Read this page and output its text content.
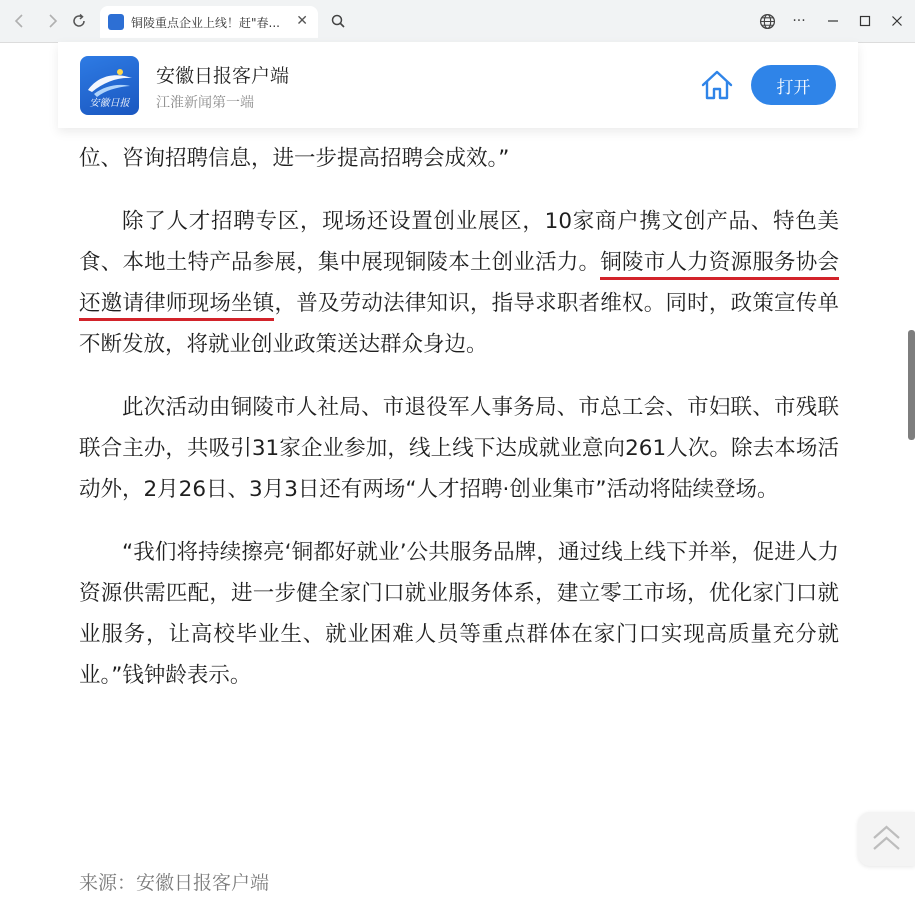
铜陵重点企业上线！赶"春...	✕	···
安徽日报
安徽日报客户端
江淮新闻第一端
打开

位、咨询招聘信息，进一步提高招聘会成效。”

除了人才招聘专区，现场还设置创业展区，10家商户携文创产品、特色美食、本地土特产品参展，集中展现铜陵本土创业活力。铜陵市人力资源服务协会还邀请律师现场坐镇，普及劳动法律知识，指导求职者维权。同时，政策宣传单不断发放，将就业创业政策送达群众身边。

此次活动由铜陵市人社局、市退役军人事务局、市总工会、市妇联、市残联联合主办，共吸引31家企业参加，线上线下达成就业意向261人次。除去本场活动外，2月26日、3月3日还有两场“人才招聘·创业集市”活动将陆续登场。

“我们将持续擦亮‘铜都好就业’公共服务品牌，通过线上线下并举，促进人力资源供需匹配，进一步健全家门口就业服务体系，建立零工市场，优化家门口就业服务，让高校毕业生、就业困难人员等重点群体在家门口实现高质量充分就业。”钱钟龄表示。

来源：安徽日报客户端
